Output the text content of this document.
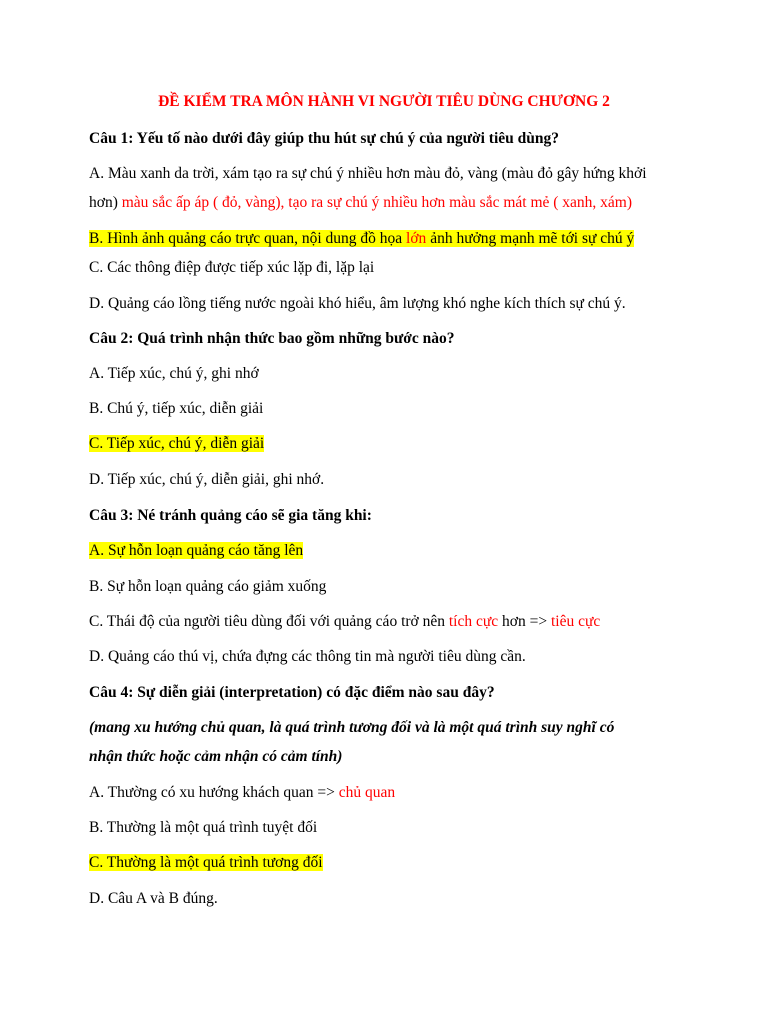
ĐỀ KIỂM TRA MÔN HÀNH VI NGƯỜI TIÊU DÙNG CHƯƠNG 2

Câu 1: Yếu tố nào dưới đây giúp thu hút sự chú ý của người tiêu dùng?

A. Màu xanh da trời, xám tạo ra sự chú ý nhiều hơn màu đỏ, vàng (màu đỏ gây hứng khởi

hơn) màu sắc ấp áp ( đỏ, vàng), tạo ra sự chú ý nhiều hơn màu sắc mát mẻ ( xanh, xám)

B. Hình ảnh quảng cáo trực quan, nội dung đồ họa lớn ảnh hưởng mạnh mẽ tới sự chú ý

C. Các thông điệp được tiếp xúc lặp đi, lặp lại

D. Quảng cáo lồng tiếng nước ngoài khó hiểu, âm lượng khó nghe kích thích sự chú ý.

Câu 2: Quá trình nhận thức bao gồm những bước nào?

A. Tiếp xúc, chú ý, ghi nhớ

B. Chú ý, tiếp xúc, diễn giải

C. Tiếp xúc, chú ý, diễn giải

D. Tiếp xúc, chú ý, diễn giải, ghi nhớ.

Câu 3: Né tránh quảng cáo sẽ gia tăng khi:

A. Sự hỗn loạn quảng cáo tăng lên

B. Sự hỗn loạn quảng cáo giảm xuống

C. Thái độ của người tiêu dùng đối với quảng cáo trở nên tích cực hơn => tiêu cực

D. Quảng cáo thú vị, chứa đựng các thông tin mà người tiêu dùng cần.

Câu 4: Sự diễn giải (interpretation) có đặc điểm nào sau đây?

(mang xu hướng chủ quan, là quá trình tương đối và là một quá trình suy nghĩ có

nhận thức hoặc cảm nhận có cảm tính)

A. Thường có xu hướng khách quan => chủ quan

B. Thường là một quá trình tuyệt đối

C. Thường là một quá trình tương đối

D. Câu A và B đúng.
